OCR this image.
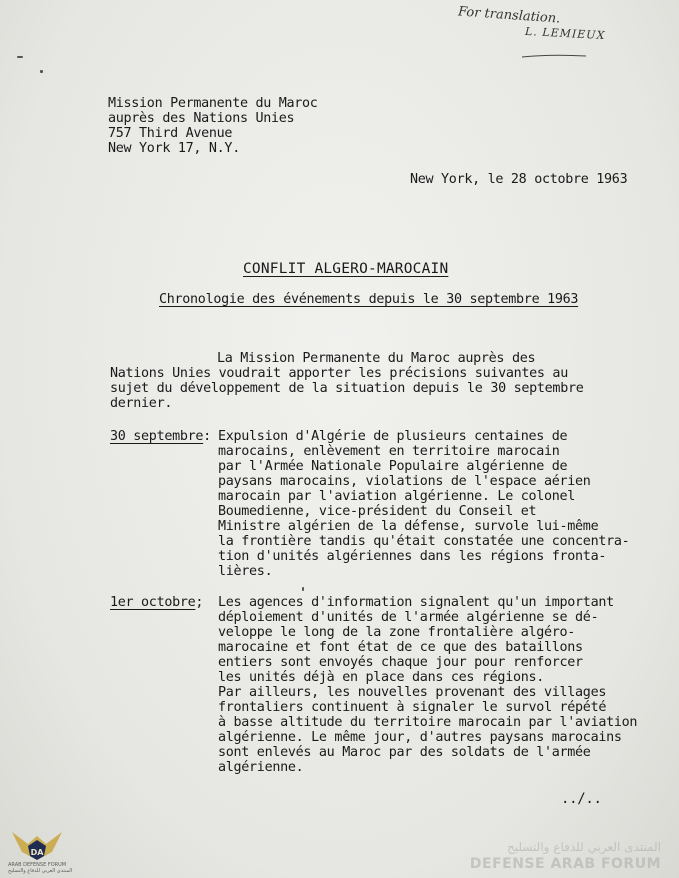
For translation.
L. LEMIEUX
Mission Permanente du Maroc
auprès des Nations Unies
757 Third Avenue
New York 17, N.Y.
New York, le 28 octobre 1963
CONFLIT ALGERO-MAROCAIN
Chronologie des événements depuis le 30 septembre 1963
La Mission Permanente du Maroc auprès des
Nations Unies voudrait apporter les précisions suivantes au
sujet du développement de la situation depuis le 30 septembre
dernier.
30 septembre: Expulsion d'Algérie de plusieurs centaines de
marocains, enlèvement en territoire marocain
par l'Armée Nationale Populaire algérienne de
paysans marocains, violations de l'espace aérien
marocain par l'aviation algérienne. Le colonel
Boumedienne, vice-président du Conseil et
Ministre algérien de la défense, survole lui-même
la frontière tandis qu'était constatée une concentra-
tion d'unités algériennes dans les régions fronta-
lières.
1er octobre; Les agences d'information signalent qu'un important
déploiement d'unités de l'armée algérienne se dé-
veloppe le long de la zone frontalière algéro-
marocaine et font état de ce que des bataillons
entiers sont envoyés chaque jour pour renforcer
les unités déjà en place dans ces régions.
Par ailleurs, les nouvelles provenant des villages
frontaliers continuent à signaler le survol répété
à basse altitude du territoire marocain par l'aviation
algérienne. Le même jour, d'autres paysans marocains
sont enlevés au Maroc par des soldats de l'armée
algérienne.
../..
المنتدى العربي للدفاع والتسليح
DEFENSE ARAB FORUM
DA
ARAB DEFENSE FORUM
المنتدى العربي للدفاع والتسليح
